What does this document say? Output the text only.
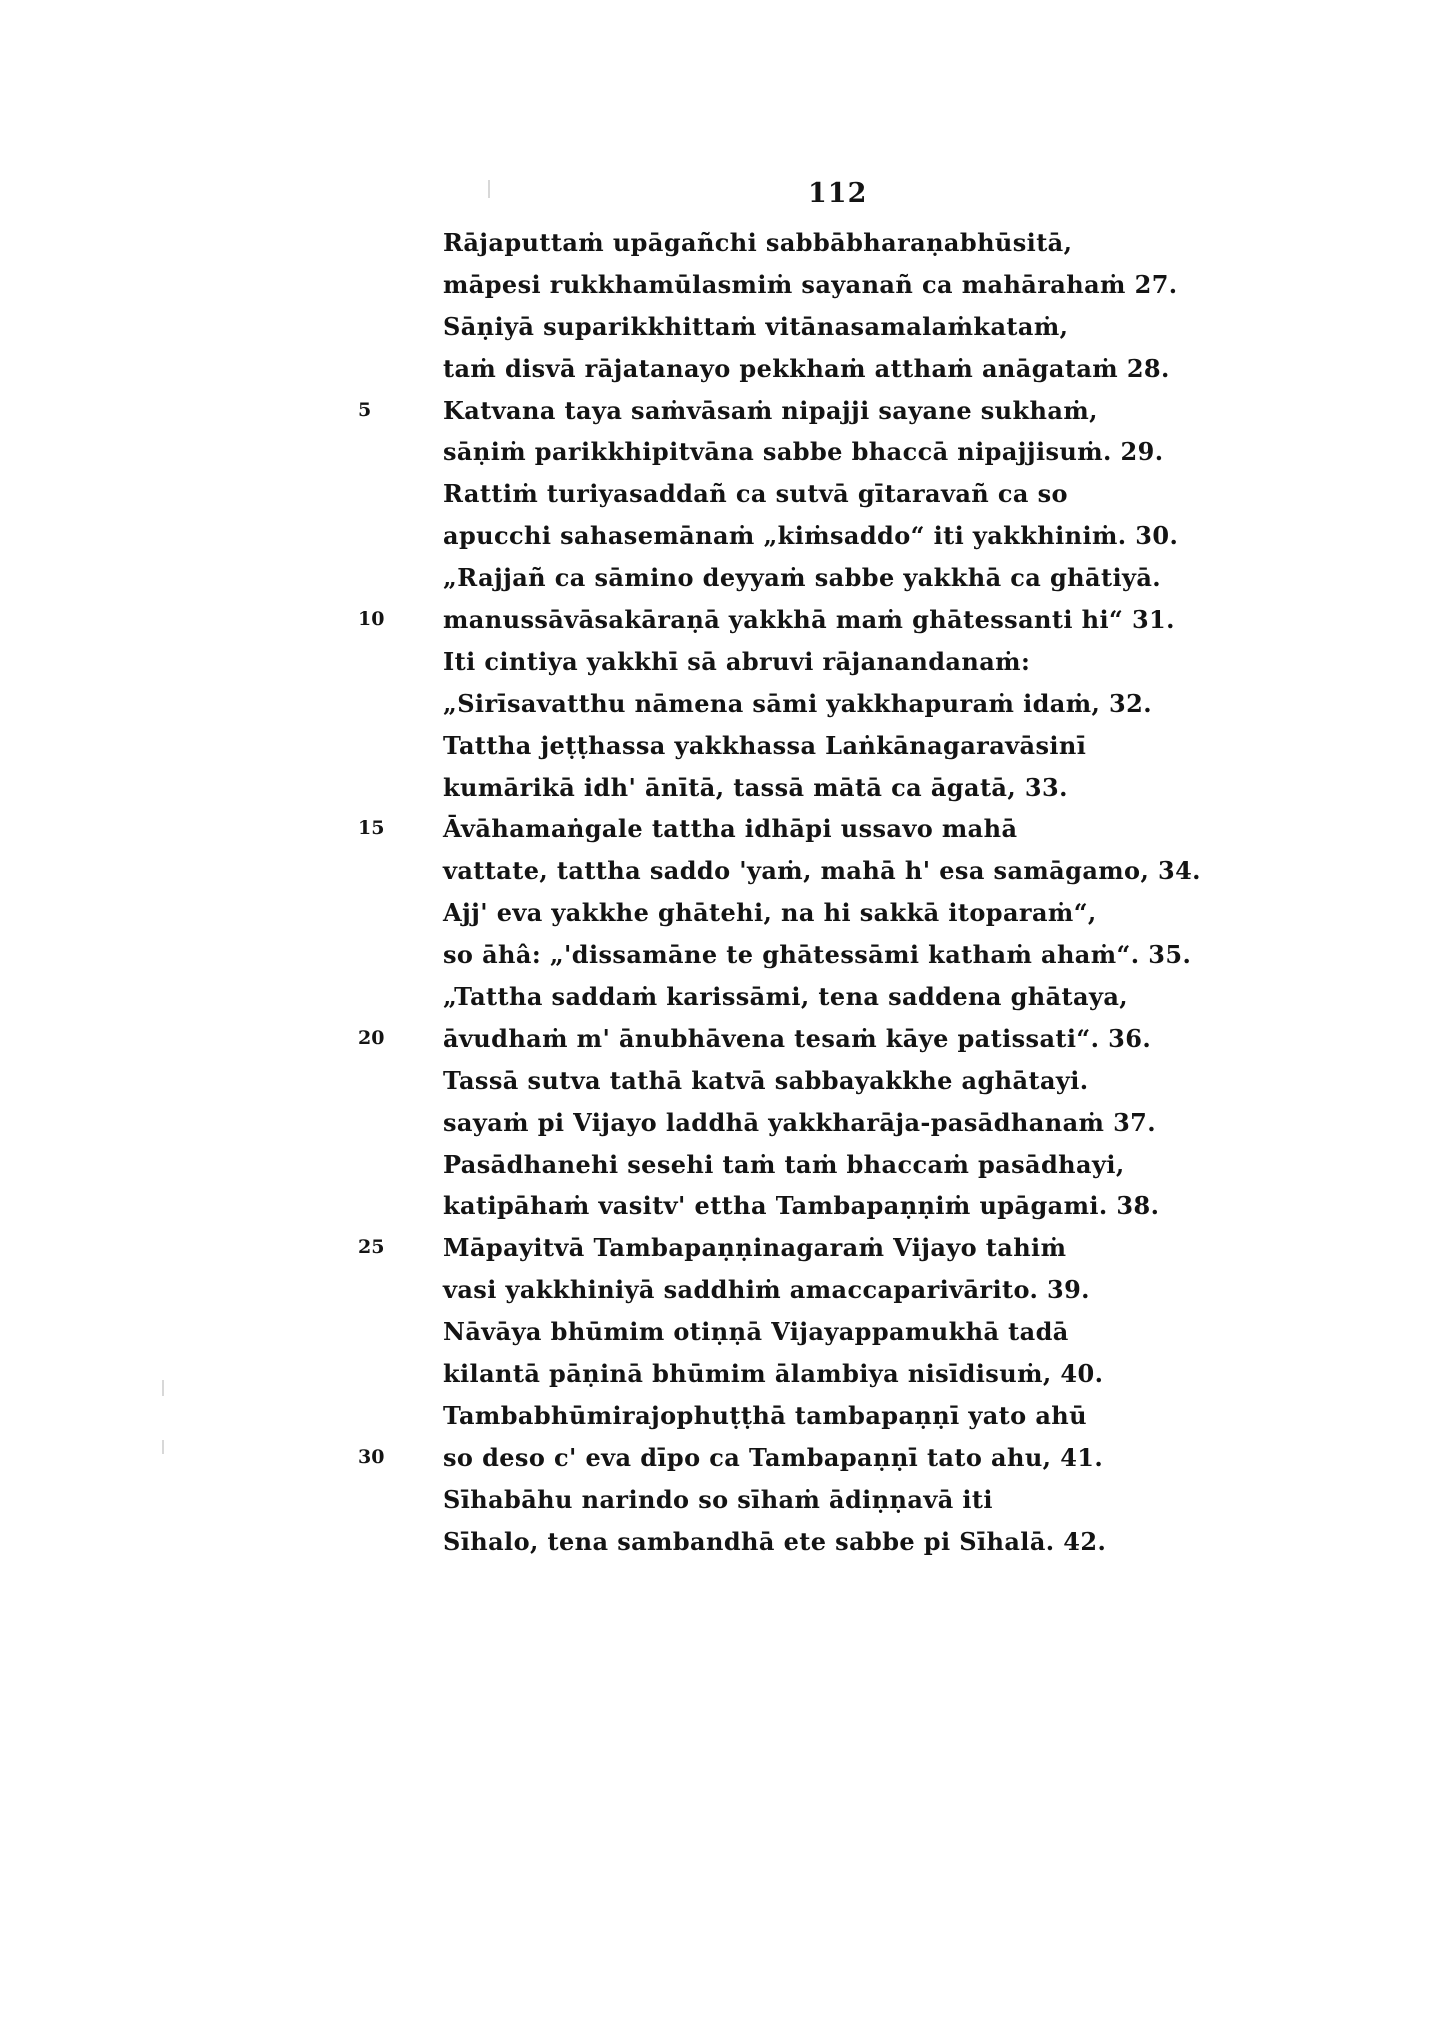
112
Rājaputtaṁ upāgañchi sabbābharaṇabhūsitā,
māpesi rukkhamūlasmiṁ sayanañ ca mahārahaṁ 27.
Sāṇiyā suparikkhittaṁ vitānasamalaṁkataṁ,
taṁ disvā rājatanayo pekkhaṁ atthaṁ anāgataṁ 28.
5	Katvana taya saṁvāsaṁ nipajji sayane sukhaṁ,
sāṇiṁ parikkhipitvāna sabbe bhaccā nipajjisuṁ. 29.
Rattiṁ turiyasaddañ ca sutvā gītaravañ ca so
apucchi sahasemānaṁ „kiṁsaddo“ iti yakkhiniṁ. 30.
„Rajjañ ca sāmino deyyaṁ sabbe yakkhā ca ghātiyā.
10	manussāvāsakāraṇā yakkhā maṁ ghātessanti hi“ 31.
Iti cintiya yakkhī sā abruvi rājanandanaṁ:
„Sirīsavatthu nāmena sāmi yakkhapuraṁ idaṁ, 32.
Tattha jeṭṭhassa yakkhassa Laṅkānagaravāsinī
kumārikā idh' ānītā, tassā mātā ca āgatā, 33.
15	Āvāhamaṅgale tattha idhāpi ussavo mahā
vattate, tattha saddo 'yaṁ, mahā h' esa samāgamo, 34.
Ajj' eva yakkhe ghātehi, na hi sakkā itoparaṁ“,
so āhâ: „'dissamāne te ghātessāmi kathaṁ ahaṁ“. 35.
„Tattha saddaṁ karissāmi, tena saddena ghātaya,
20	āvudhaṁ m' ānubhāvena tesaṁ kāye patissati“. 36.
Tassā sutva tathā katvā sabbayakkhe aghātayi.
sayaṁ pi Vijayo laddhā yakkharāja-pasādhanaṁ 37.
Pasādhanehi sesehi taṁ taṁ bhaccaṁ pasādhayi,
katipāhaṁ vasitv' ettha Tambapaṇṇiṁ upāgami. 38.
25	Māpayitvā Tambapaṇṇinagaraṁ Vijayo tahiṁ
vasi yakkhiniyā saddhiṁ amaccaparivārito. 39.
Nāvāya bhūmim otiṇṇā Vijayappamukhā tadā
kilantā pāṇinā bhūmim ālambiya nisīdisuṁ, 40.
Tambabhūmirajophuṭṭhā tambapaṇṇī yato ahū
30	so deso c' eva dīpo ca Tambapaṇṇī tato ahu, 41.
Sīhabāhu narindo so sīhaṁ ādiṇṇavā iti
Sīhalo, tena sambandhā ete sabbe pi Sīhalā. 42.
